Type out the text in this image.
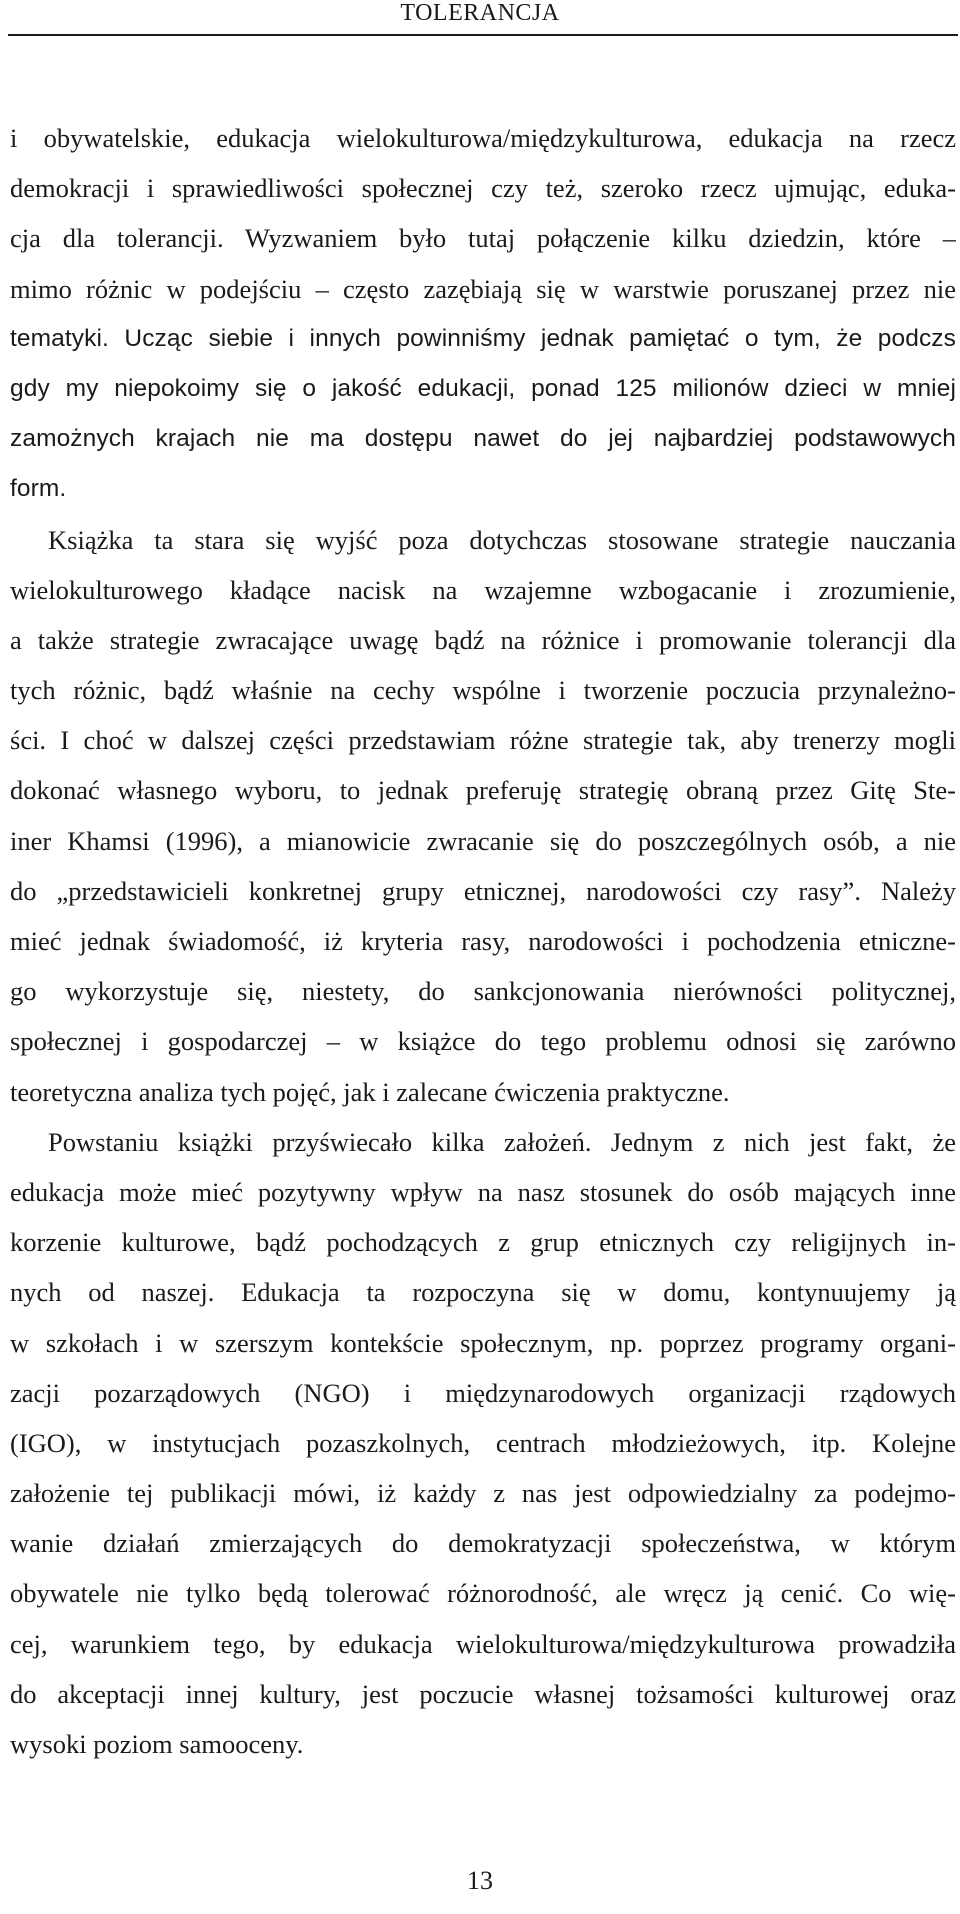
TOLERANCJA
i obywatelskie, edukacja wielokulturowa/międzykulturowa, edukacja na rzecz
demokracji i sprawiedliwości społecznej czy też, szeroko rzecz ujmując, eduka-
cja dla tolerancji. Wyzwaniem było tutaj połączenie kilku dziedzin, które –
mimo różnic w podejściu – często zazębiają się w warstwie poruszanej przez nie
tematyki. Ucząc siebie i innych powinniśmy jednak pamiętać o tym, że podczs
gdy my niepokoimy się o jakość edukacji, ponad 125 milionów dzieci w mniej
zamożnych krajach nie ma dostępu nawet do jej najbardziej podstawowych
form.
Książka ta stara się wyjść poza dotychczas stosowane strategie nauczania
wielokulturowego kładące nacisk na wzajemne wzbogacanie i zrozumienie,
a także strategie zwracające uwagę bądź na różnice i promowanie tolerancji dla
tych różnic, bądź właśnie na cechy wspólne i tworzenie poczucia przynależno-
ści. I choć w dalszej części przedstawiam różne strategie tak, aby trenerzy mogli
dokonać własnego wyboru, to jednak preferuję strategię obraną przez Gitę Ste-
iner Khamsi (1996), a mianowicie zwracanie się do poszczególnych osób, a nie
do „przedstawicieli konkretnej grupy etnicznej, narodowości czy rasy”. Należy
mieć jednak świadomość, iż kryteria rasy, narodowości i pochodzenia etniczne-
go wykorzystuje się, niestety, do sankcjonowania nierówności politycznej,
społecznej i gospodarczej – w książce do tego problemu odnosi się zarówno
teoretyczna analiza tych pojęć, jak i zalecane ćwiczenia praktyczne.
Powstaniu książki przyświecało kilka założeń. Jednym z nich jest fakt, że
edukacja może mieć pozytywny wpływ na nasz stosunek do osób mających inne
korzenie kulturowe, bądź pochodzących z grup etnicznych czy religijnych in-
nych od naszej. Edukacja ta rozpoczyna się w domu, kontynuujemy ją
w szkołach i w szerszym kontekście społecznym, np. poprzez programy organi-
zacji pozarządowych (NGO) i międzynarodowych organizacji rządowych
(IGO), w instytucjach pozaszkolnych, centrach młodzieżowych, itp. Kolejne
założenie tej publikacji mówi, iż każdy z nas jest odpowiedzialny za podejmo-
wanie działań zmierzających do demokratyzacji społeczeństwa, w którym
obywatele nie tylko będą tolerować różnorodność, ale wręcz ją cenić. Co wię-
cej, warunkiem tego, by edukacja wielokulturowa/międzykulturowa prowadziła
do akceptacji innej kultury, jest poczucie własnej tożsamości kulturowej oraz
wysoki poziom samooceny.
13
